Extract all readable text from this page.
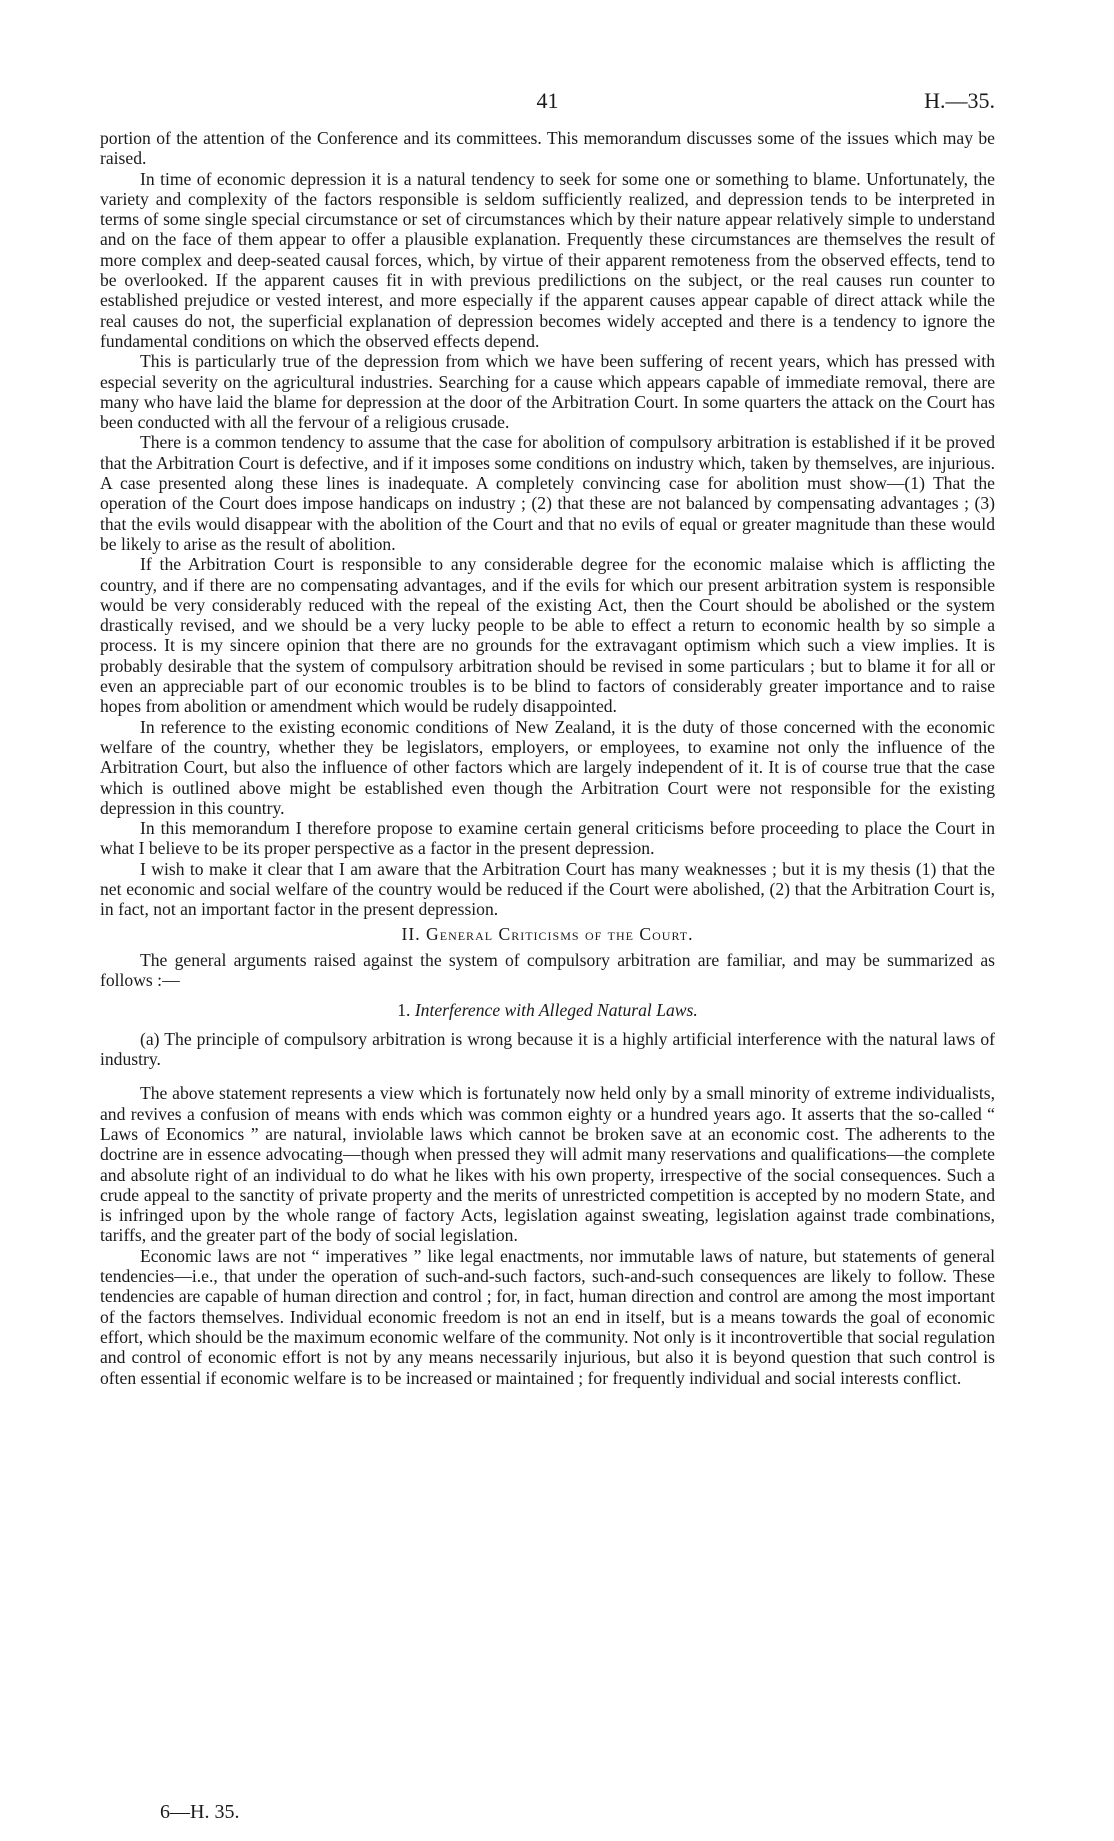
41	H.—35.

portion of the attention of the Conference and its committees. This memorandum discusses some of the issues which may be raised.

In time of economic depression it is a natural tendency to seek for some one or something to blame. Unfortunately, the variety and complexity of the factors responsible is seldom sufficiently realized, and depression tends to be interpreted in terms of some single special circumstance or set of circumstances which by their nature appear relatively simple to understand and on the face of them appear to offer a plausible explanation. Frequently these circumstances are themselves the result of more complex and deep-seated causal forces, which, by virtue of their apparent remoteness from the observed effects, tend to be overlooked. If the apparent causes fit in with previous predilictions on the subject, or the real causes run counter to established prejudice or vested interest, and more especially if the apparent causes appear capable of direct attack while the real causes do not, the superficial explanation of depression becomes widely accepted and there is a tendency to ignore the fundamental conditions on which the observed effects depend.

This is particularly true of the depression from which we have been suffering of recent years, which has pressed with especial severity on the agricultural industries. Searching for a cause which appears capable of immediate removal, there are many who have laid the blame for depression at the door of the Arbitration Court. In some quarters the attack on the Court has been conducted with all the fervour of a religious crusade.

There is a common tendency to assume that the case for abolition of compulsory arbitration is established if it be proved that the Arbitration Court is defective, and if it imposes some conditions on industry which, taken by themselves, are injurious. A case presented along these lines is inadequate. A completely convincing case for abolition must show—(1) That the operation of the Court does impose handicaps on industry ; (2) that these are not balanced by compensating advantages ; (3) that the evils would disappear with the abolition of the Court and that no evils of equal or greater magnitude than these would be likely to arise as the result of abolition.

If the Arbitration Court is responsible to any considerable degree for the economic malaise which is afflicting the country, and if there are no compensating advantages, and if the evils for which our present arbitration system is responsible would be very considerably reduced with the repeal of the existing Act, then the Court should be abolished or the system drastically revised, and we should be a very lucky people to be able to effect a return to economic health by so simple a process. It is my sincere opinion that there are no grounds for the extravagant optimism which such a view implies. It is probably desirable that the system of compulsory arbitration should be revised in some particulars ; but to blame it for all or even an appreciable part of our economic troubles is to be blind to factors of considerably greater importance and to raise hopes from abolition or amendment which would be rudely disappointed.

In reference to the existing economic conditions of New Zealand, it is the duty of those concerned with the economic welfare of the country, whether they be legislators, employers, or employees, to examine not only the influence of the Arbitration Court, but also the influence of other factors which are largely independent of it. It is of course true that the case which is outlined above might be established even though the Arbitration Court were not responsible for the existing depression in this country.

In this memorandum I therefore propose to examine certain general criticisms before proceeding to place the Court in what I believe to be its proper perspective as a factor in the present depression.

I wish to make it clear that I am aware that the Arbitration Court has many weaknesses ; but it is my thesis (1) that the net economic and social welfare of the country would be reduced if the Court were abolished, (2) that the Arbitration Court is, in fact, not an important factor in the present depression.

II. General Criticisms of the Court.

The general arguments raised against the system of compulsory arbitration are familiar, and may be summarized as follows :—

1. Interference with Alleged Natural Laws.

(a) The principle of compulsory arbitration is wrong because it is a highly artificial interference with the natural laws of industry.

The above statement represents a view which is fortunately now held only by a small minority of extreme individualists, and revives a confusion of means with ends which was common eighty or a hundred years ago. It asserts that the so-called “ Laws of Economics ” are natural, inviolable laws which cannot be broken save at an economic cost. The adherents to the doctrine are in essence advocating—though when pressed they will admit many reservations and qualifications—the complete and absolute right of an individual to do what he likes with his own property, irrespective of the social consequences. Such a crude appeal to the sanctity of private property and the merits of unrestricted competition is accepted by no modern State, and is infringed upon by the whole range of factory Acts, legislation against sweating, legislation against trade combinations, tariffs, and the greater part of the body of social legislation.

Economic laws are not “ imperatives ” like legal enactments, nor immutable laws of nature, but statements of general tendencies—i.e., that under the operation of such-and-such factors, such-and-such consequences are likely to follow. These tendencies are capable of human direction and control ; for, in fact, human direction and control are among the most important of the factors themselves. Individual economic freedom is not an end in itself, but is a means towards the goal of economic effort, which should be the maximum economic welfare of the community. Not only is it incontrovertible that social regulation and control of economic effort is not by any means necessarily injurious, but also it is beyond question that such control is often essential if economic welfare is to be increased or maintained ; for frequently individual and social interests conflict.

6—H. 35.
